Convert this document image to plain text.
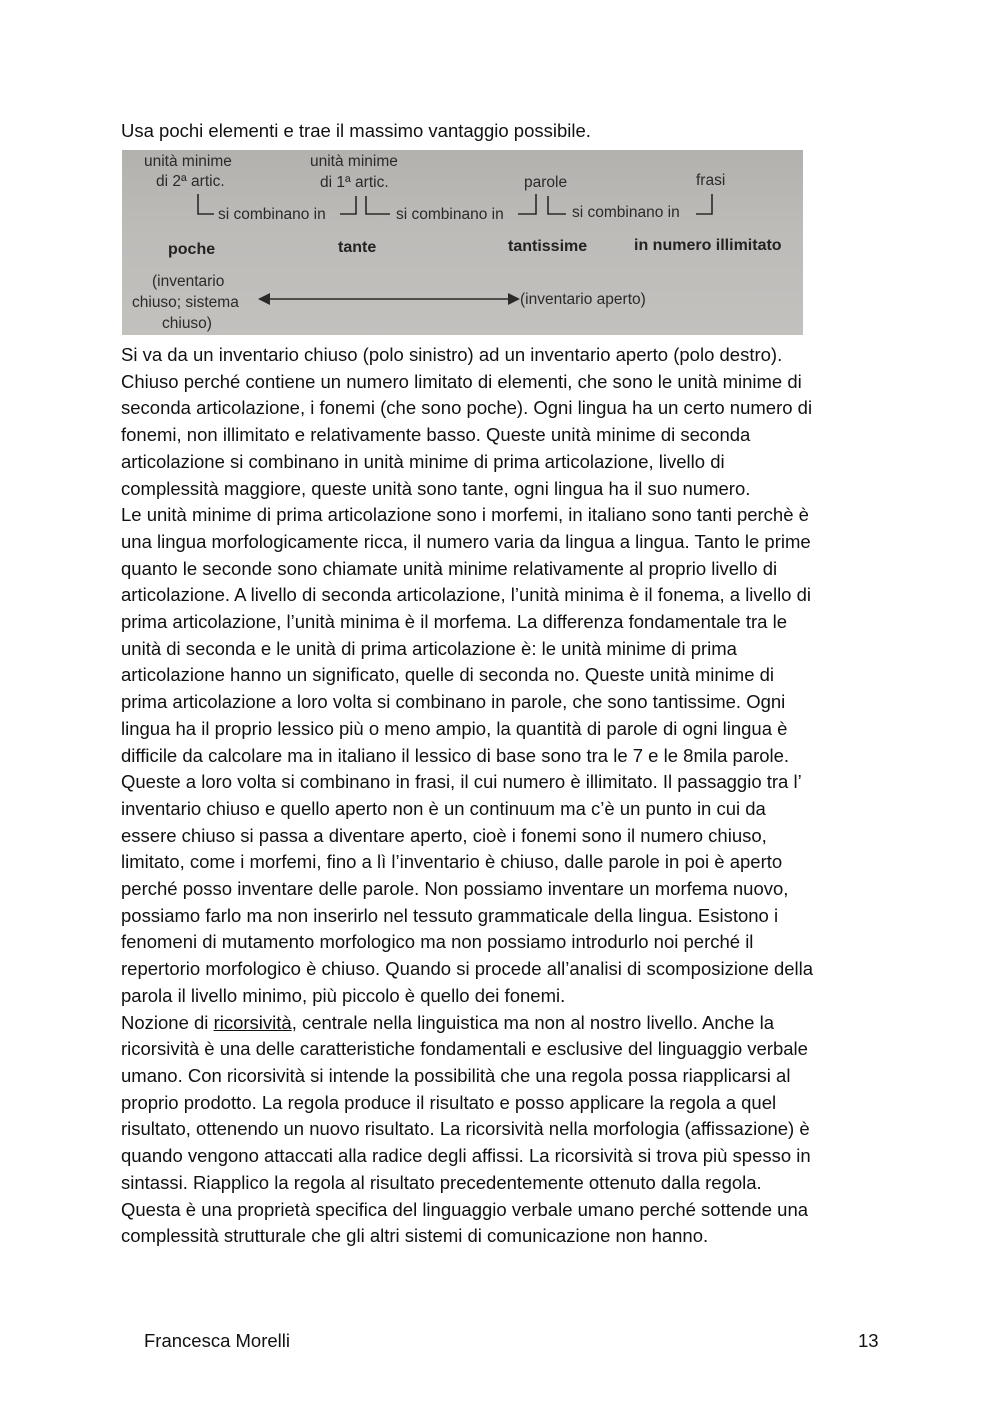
Usa pochi elementi e trae il massimo vantaggio possibile.
unità minime
di 2ª artic.
unità minime
di 1ª artic.	parole	frasi
si combinano in	si combinano in	si combinano in
poche	tante	tantissime	in numero illimitato
(inventario
chiuso; sistema
chiuso)
(inventario aperto)

Si va da un inventario chiuso (polo sinistro) ad un inventario aperto (polo destro).
Chiuso perché contiene un numero limitato di elementi, che sono le unità minime di
seconda articolazione, i fonemi (che sono poche). Ogni lingua ha un certo numero di
fonemi, non illimitato e relativamente basso. Queste unità minime di seconda
articolazione si combinano in unità minime di prima articolazione, livello di
complessità maggiore, queste unità sono tante, ogni lingua ha il suo numero.

Le unità minime di prima articolazione sono i morfemi, in italiano sono tanti perchè è
una lingua morfologicamente ricca, il numero varia da lingua a lingua. Tanto le prime
quanto le seconde sono chiamate unità minime relativamente al proprio livello di
articolazione. A livello di seconda articolazione, l’unità minima è il fonema, a livello di
prima articolazione, l’unità minima è il morfema. La differenza fondamentale tra le
unità di seconda e le unità di prima articolazione è: le unità minime di prima
articolazione hanno un significato, quelle di seconda no. Queste unità minime di
prima articolazione a loro volta si combinano in parole, che sono tantissime. Ogni
lingua ha il proprio lessico più o meno ampio, la quantità di parole di ogni lingua è
difficile da calcolare ma in italiano il lessico di base sono tra le 7 e le 8mila parole.
Queste a loro volta si combinano in frasi, il cui numero è illimitato. Il passaggio tra l’
inventario chiuso e quello aperto non è un continuum ma c’è un punto in cui da
essere chiuso si passa a diventare aperto, cioè i fonemi sono il numero chiuso,
limitato, come i morfemi, fino a lì l’inventario è chiuso, dalle parole in poi è aperto
perché posso inventare delle parole. Non possiamo inventare un morfema nuovo,
possiamo farlo ma non inserirlo nel tessuto grammaticale della lingua. Esistono i
fenomeni di mutamento morfologico ma non possiamo introdurlo noi perché il
repertorio morfologico è chiuso. Quando si procede all’analisi di scomposizione della
parola il livello minimo, più piccolo è quello dei fonemi.

Nozione di ricorsività, centrale nella linguistica ma non al nostro livello. Anche la
ricorsività è una delle caratteristiche fondamentali e esclusive del linguaggio verbale
umano. Con ricorsività si intende la possibilità che una regola possa riapplicarsi al
proprio prodotto. La regola produce il risultato e posso applicare la regola a quel
risultato, ottenendo un nuovo risultato. La ricorsività nella morfologia (affissazione) è
quando vengono attaccati alla radice degli affissi. La ricorsività si trova più spesso in
sintassi. Riapplico la regola al risultato precedentemente ottenuto dalla regola.
Questa è una proprietà specifica del linguaggio verbale umano perché sottende una
complessità strutturale che gli altri sistemi di comunicazione non hanno.

Francesca Morelli	13
